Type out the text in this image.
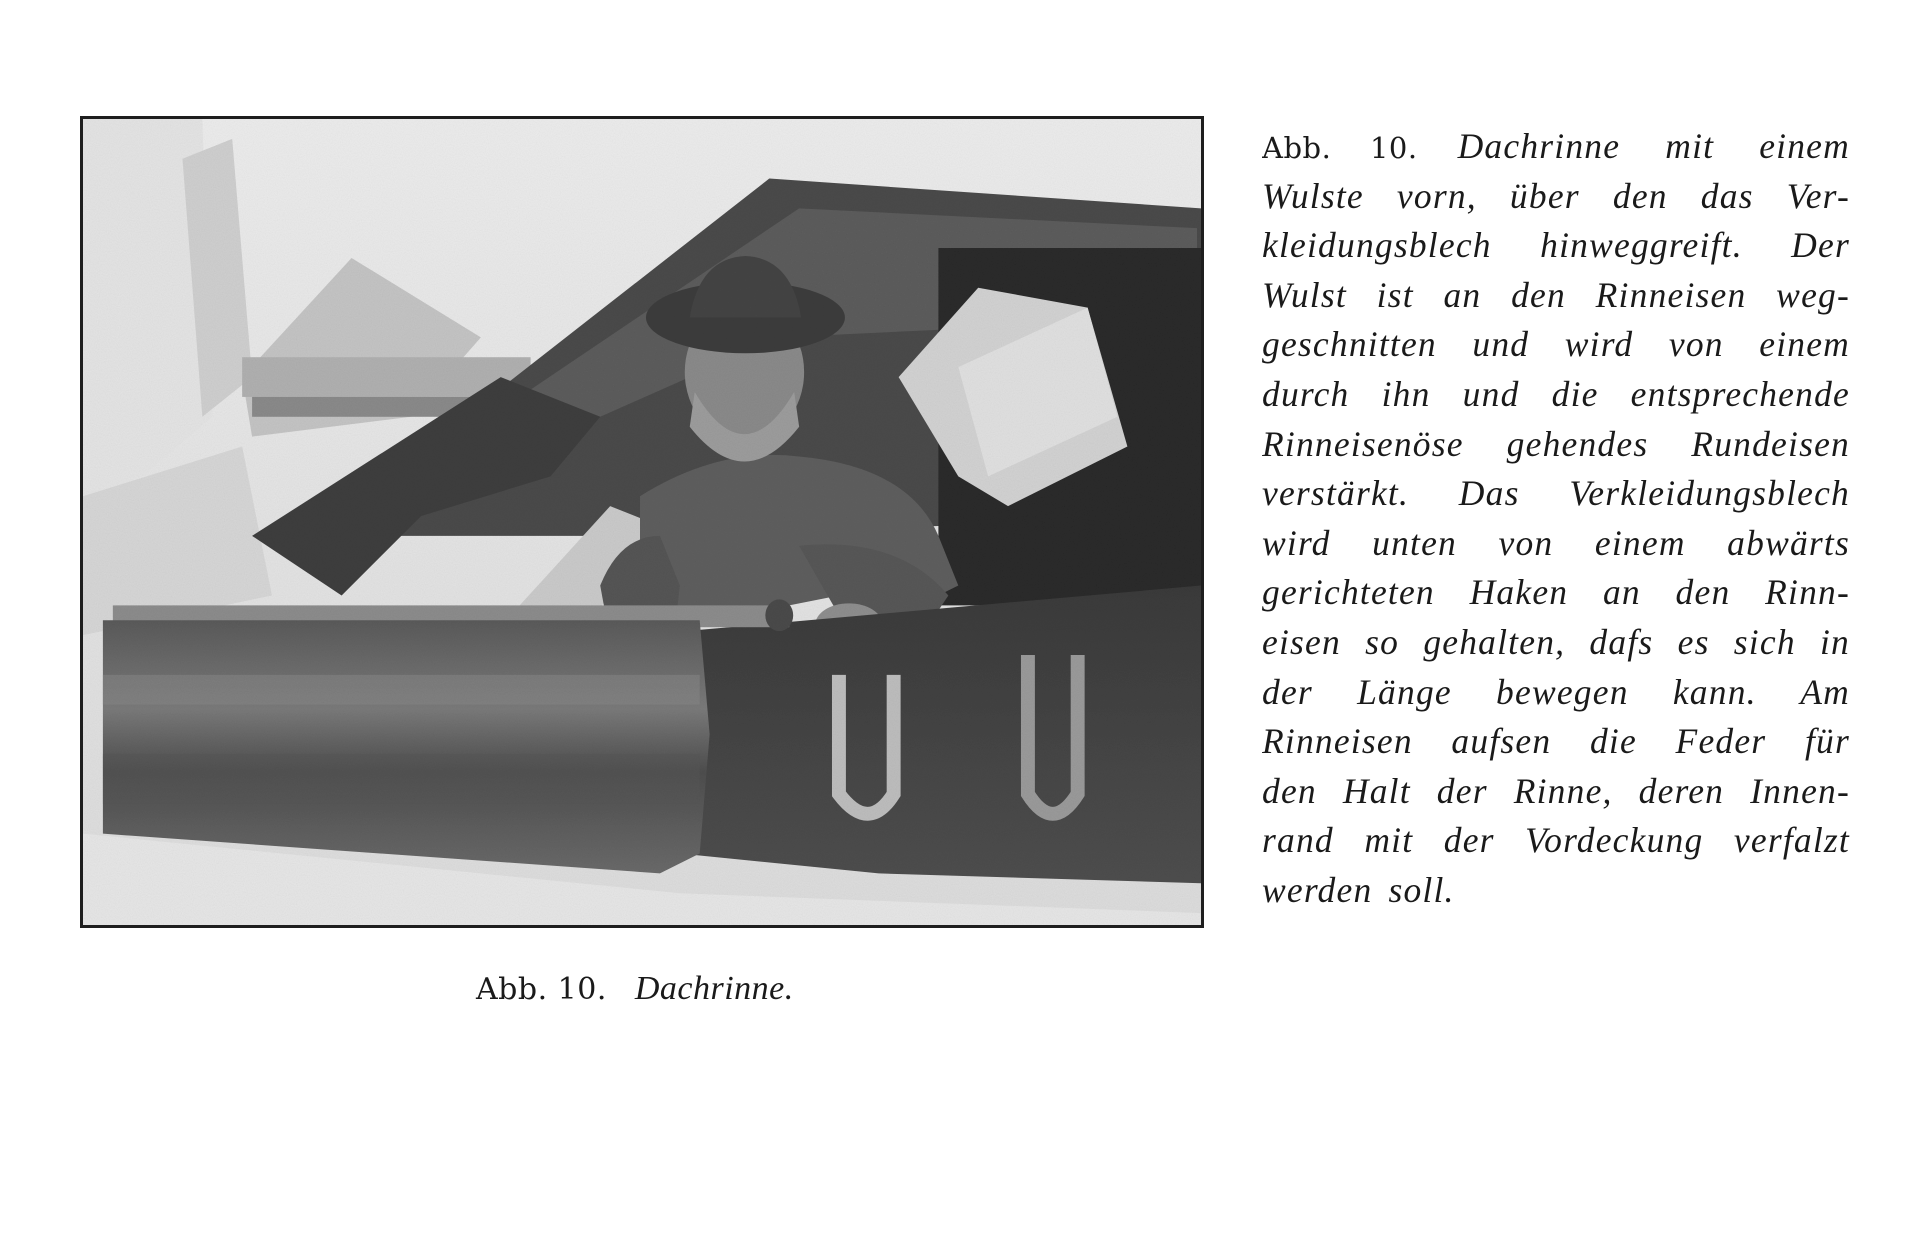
Abb. 10. Dachrinne.
Abb. 10. Dachrinne mit einem
Wulste vorn, über den das Ver-
kleidungsblech hinweggreift. Der
Wulst ist an den Rinneisen weg-
geschnitten und wird von einem
durch ihn und die entsprechende
Rinneisenöse gehendes Rundeisen
verstärkt. Das Verkleidungsblech
wird unten von einem abwärts
gerichteten Haken an den Rinn-
eisen so gehalten, dafs es sich in
der Länge bewegen kann. Am
Rinneisen aufsen die Feder für
den Halt der Rinne, deren Innen-
rand mit der Vordeckung verfalzt
werden soll.
